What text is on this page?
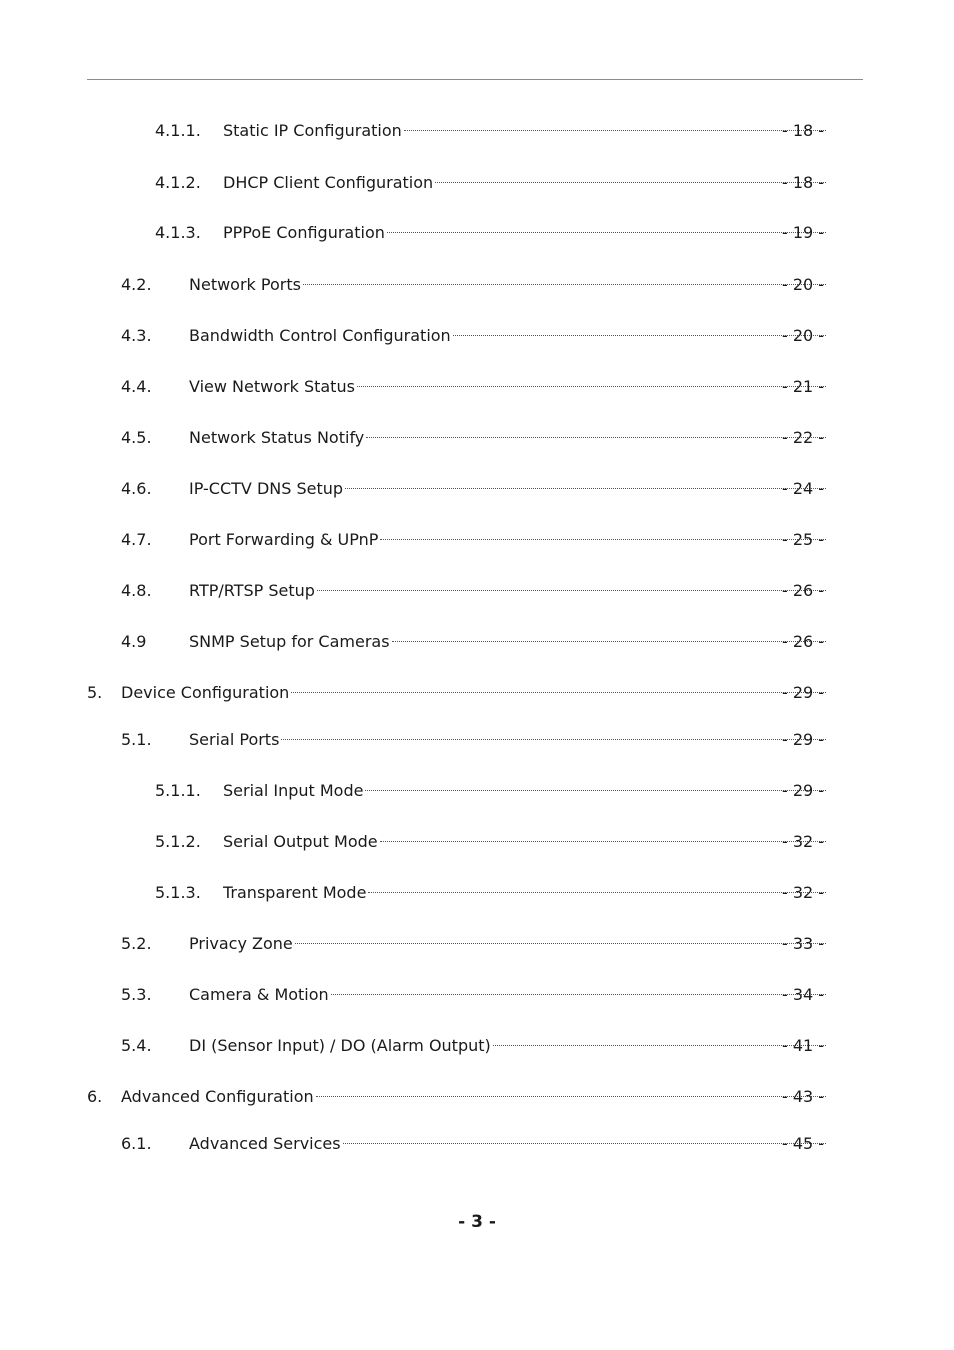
4.1.1. Static IP Configuration	- 18 -
4.1.2. DHCP Client Configuration	- 18 -
4.1.3. PPPoE Configuration	- 19 -
4.2. Network Ports	- 20 -
4.3. Bandwidth Control Configuration	- 20 -
4.4. View Network Status	- 21 -
4.5. Network Status Notify	- 22 -
4.6. IP-CCTV DNS Setup	- 24 -
4.7. Port Forwarding & UPnP	- 25 -
4.8. RTP/RTSP Setup	- 26 -
4.9	SNMP Setup for Cameras	- 26 -
5. Device Configuration	- 29 -
5.1. Serial Ports	- 29 -
5.1.1. Serial Input Mode	- 29 -
5.1.2. Serial Output Mode	- 32 -
5.1.3. Transparent Mode	- 32 -
5.2. Privacy Zone	- 33 -
5.3. Camera & Motion	- 34 -
5.4. DI (Sensor Input) / DO (Alarm Output)	- 41 -
6. Advanced Configuration	- 43 -
6.1. Advanced Services	- 45 -
- 3 -
